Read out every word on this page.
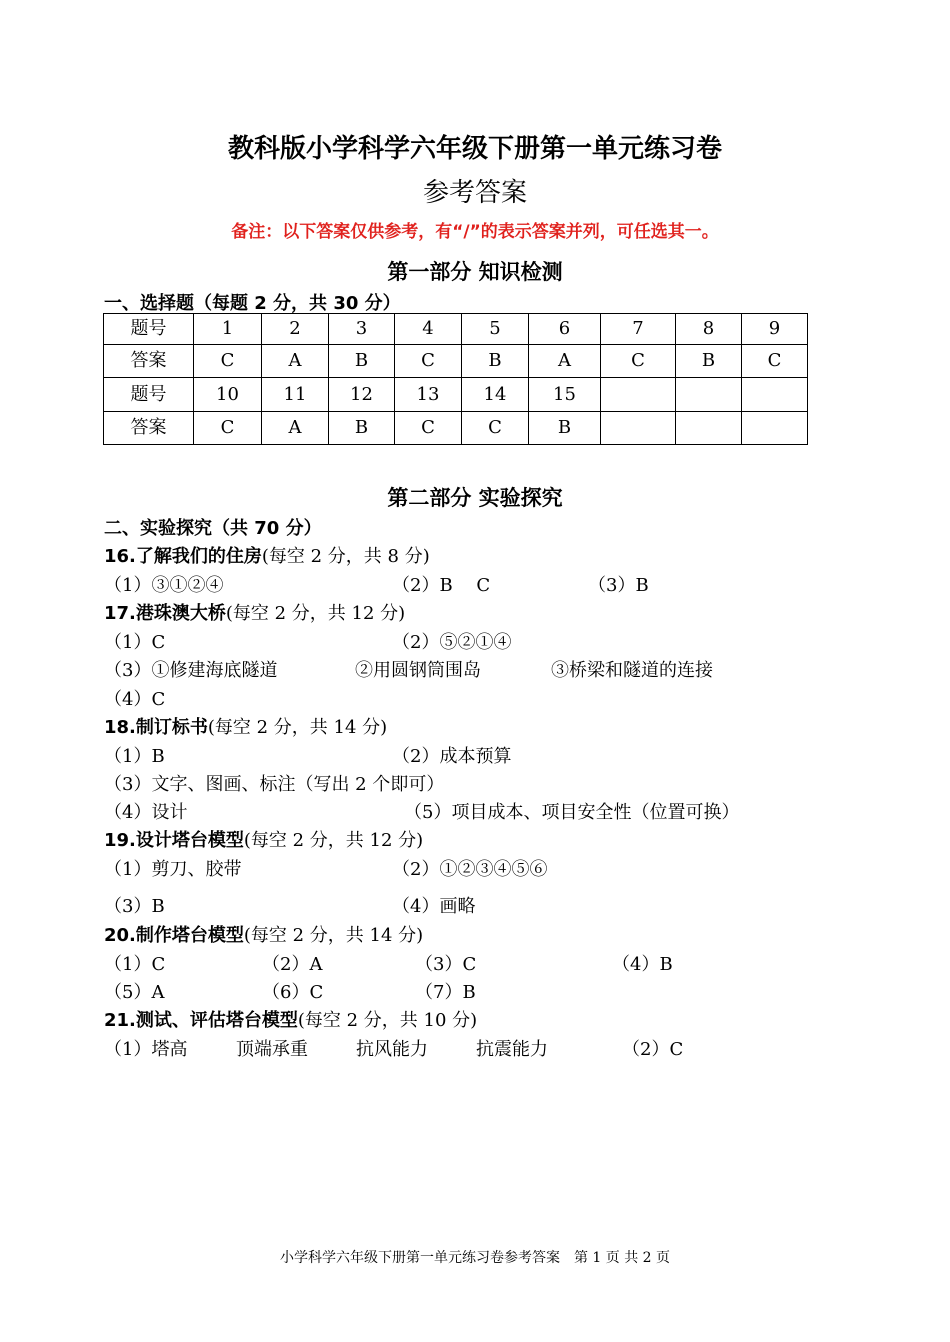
教科版小学科学六年级下册第一单元练习卷
参考答案
备注：以下答案仅供参考，有“/”的表示答案并列，可任选其一。
第一部分 知识检测
一、选择题（每题 2 分，共 30 分）
题号	1	2	3	4	5	6	7	8	9
答案	C	A	B	C	B	A	C	B	C
题号	10	11	12	13	14	15			
答案	C	A	B	C	C	B			
第二部分 实验探究
二、实验探究（共 70 分）
16.了解我们的住房(每空 2 分，共 8 分)
（1）③①②④	（2）B　 C	（3）B
17.港珠澳大桥(每空 2 分，共 12 分)
（1）C	（2）⑤②①④
（3）①修建海底隧道	②用圆钢筒围岛	③桥梁和隧道的连接
（4）C
18.制订标书(每空 2 分，共 14 分)
（1）B	（2）成本预算
（3）文字、图画、标注（写出 2 个即可）
（4）设计	（5）项目成本、项目安全性（位置可换）
19.设计塔台模型(每空 2 分，共 12 分)
（1）剪刀、胶带	（2）①②③④⑤⑥
（3）B	（4）画略
20.制作塔台模型(每空 2 分，共 14 分)
（1）C	（2）A	（3）C	（4）B
（5）A	（6）C	（7）B
21.测试、评估塔台模型(每空 2 分，共 10 分)
（1）塔高	顶端承重	抗风能力	抗震能力	（2）C
小学科学六年级下册第一单元练习卷参考答案　第 1 页 共 2 页
